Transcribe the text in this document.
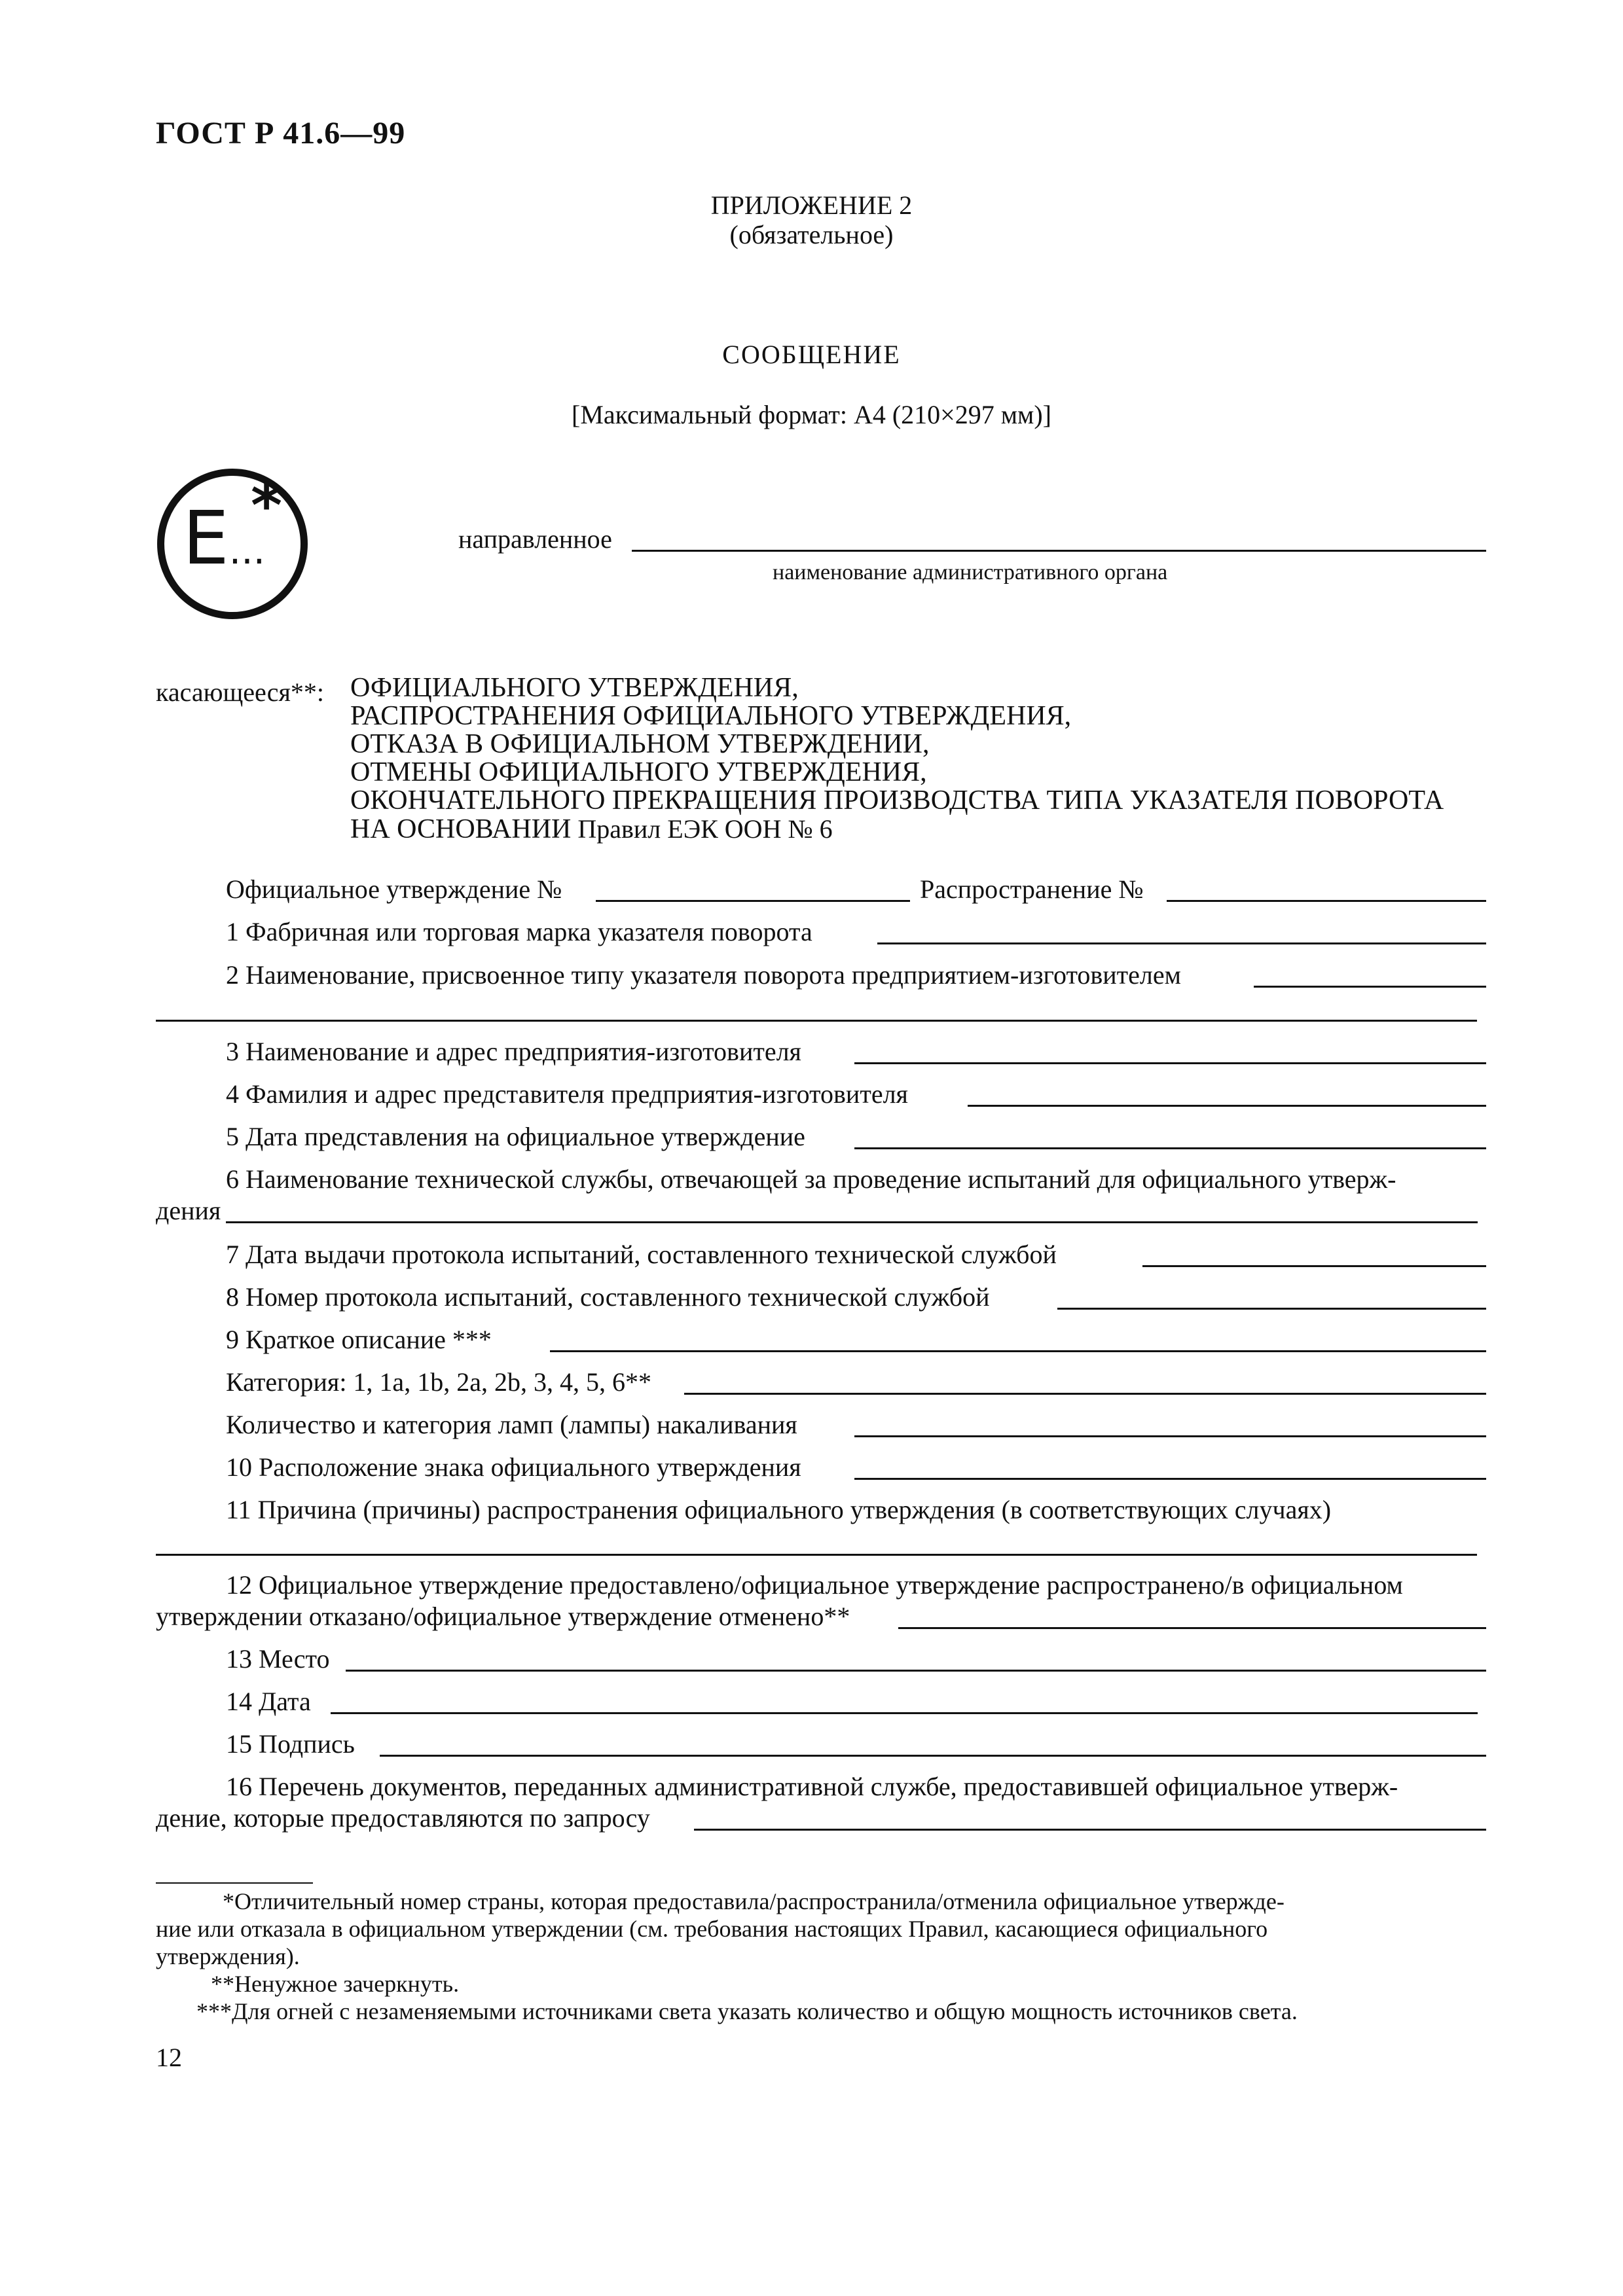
ГОСТ Р 41.6—99
ПРИЛОЖЕНИЕ 2
(обязательное)
СООБЩЕНИЕ
[Максимальный формат: А4 (210×297 мм)]
E...
*	направленное
наименование административного органа
касающееся**: ОФИЦИАЛЬНОГО УТВЕРЖДЕНИЯ,
РАСПРОСТРАНЕНИЯ ОФИЦИАЛЬНОГО УТВЕРЖДЕНИЯ,
ОТКАЗА В ОФИЦИАЛЬНОМ УТВЕРЖДЕНИИ,
ОТМЕНЫ ОФИЦИАЛЬНОГО УТВЕРЖДЕНИЯ,
ОКОНЧАТЕЛЬНОГО ПРЕКРАЩЕНИЯ ПРОИЗВОДСТВА ТИПА УКАЗАТЕЛЯ ПОВОРОТА
НА ОСНОВАНИИ Правил ЕЭК ООН № 6
Официальное утверждение №	Распространение №
1 Фабричная или торговая марка указателя поворота
2 Наименование, присвоенное типу указателя поворота предприятием-изготовителем
3 Наименование и адрес предприятия-изготовителя
4 Фамилия и адрес представителя предприятия-изготовителя
5 Дата представления на официальное утверждение
6 Наименование технической службы, отвечающей за проведение испытаний для официального утверж-
дения
7 Дата выдачи протокола испытаний, составленного технической службой
8 Номер протокола испытаний, составленного технической службой
9 Краткое описание ***
Категория: 1, 1a, 1b, 2a, 2b, 3, 4, 5, 6**
Количество и категория ламп (лампы) накаливания
10 Расположение знака официального утверждения
11 Причина (причины) распространения официального утверждения (в соответствующих случаях)
12 Официальное утверждение предоставлено/официальное утверждение распространено/в официальном
утверждении отказано/официальное утверждение отменено**
13 Место
14 Дата
15 Подпись
16 Перечень документов, переданных административной службе, предоставившей официальное утверж-
дение, которые предоставляются по запросу
*Отличительный номер страны, которая предоставила/распространила/отменила официальное утвержде-
ние или отказала в официальном утверждении (см. требования настоящих Правил, касающиеся официального
утверждения).
**Ненужное зачеркнуть.
***Для огней с незаменяемыми источниками света указать количество и общую мощность источников света.
12
